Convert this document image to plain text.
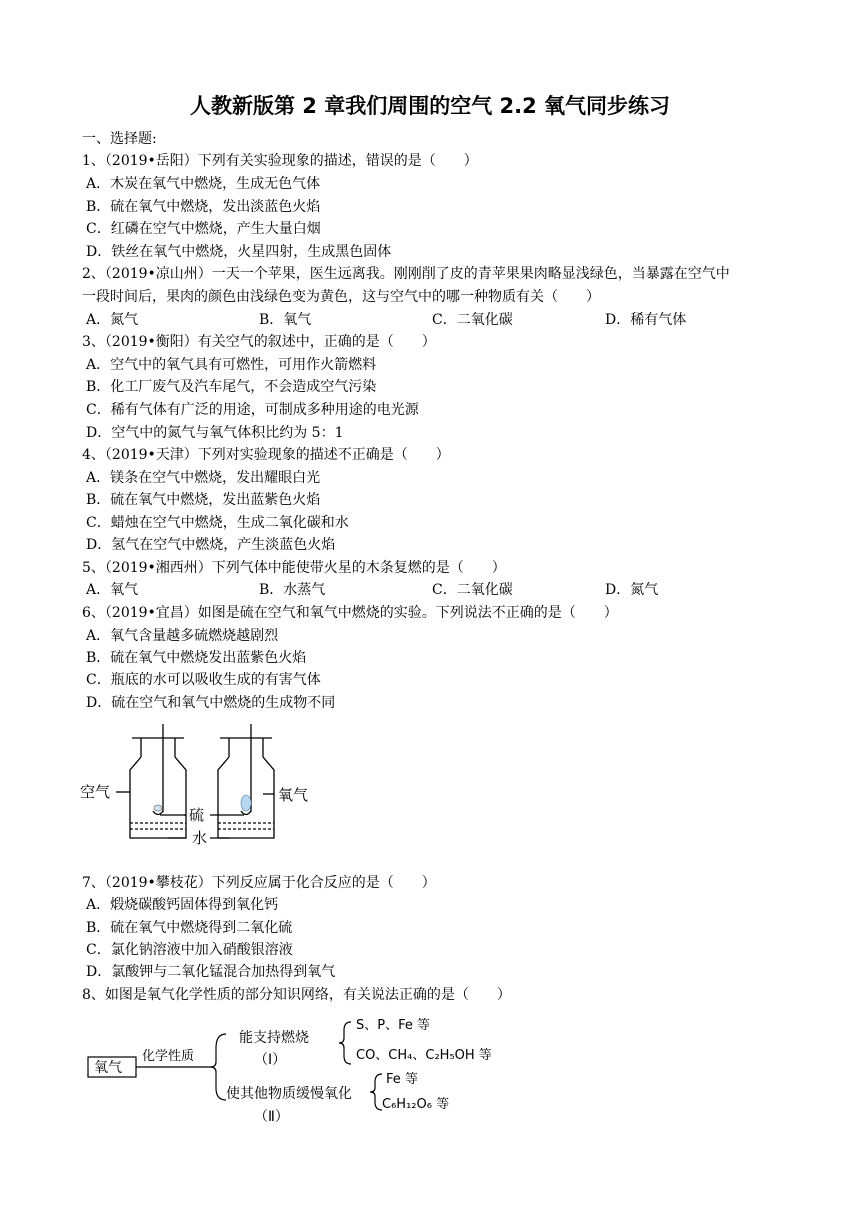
人教新版第 2 章我们周围的空气 2.2 氧气同步练习
一、选择题:
1、（2019•岳阳）下列有关实验现象的描述，错误的是（　　）
A．木炭在氧气中燃烧，生成无色气体
B．硫在氧气中燃烧，发出淡蓝色火焰
C．红磷在空气中燃烧，产生大量白烟
D．铁丝在氧气中燃烧，火星四射，生成黑色固体
2、（2019•凉山州）一天一个苹果，医生远离我。刚刚削了皮的青苹果果肉略显浅绿色，当暴露在空气中
一段时间后，果肉的颜色由浅绿色变为黄色，这与空气中的哪一种物质有关（　　）
A．氮气	B．氧气	C．二氧化碳	D．稀有气体
3、（2019•衡阳）有关空气的叙述中，正确的是（　　）
A．空气中的氧气具有可燃性，可用作火箭燃料
B．化工厂废气及汽车尾气，不会造成空气污染
C．稀有气体有广泛的用途，可制成多种用途的电光源
D．空气中的氮气与氧气体积比约为 5：1
4、（2019•天津）下列对实验现象的描述不正确是（　　）
A．镁条在空气中燃烧，发出耀眼白光
B．硫在氧气中燃烧，发出蓝紫色火焰
C．蜡烛在空气中燃烧，生成二氧化碳和水
D．氢气在空气中燃烧，产生淡蓝色火焰
5、（2019•湘西州）下列气体中能使带火星的木条复燃的是（　　）
A．氧气	B．水蒸气	C．二氧化碳	D．氮气
6、（2019•宜昌）如图是硫在空气和氧气中燃烧的实验。下列说法不正确的是（　　）
A．氧气含量越多硫燃烧越剧烈
B．硫在氧气中燃烧发出蓝紫色火焰
C．瓶底的水可以吸收生成的有害气体
D．硫在空气和氧气中燃烧的生成物不同
空气
硫
氧气
水
7、（2019•攀枝花）下列反应属于化合反应的是（　　）
A．煅烧碳酸钙固体得到氧化钙
B．硫在氧气中燃烧得到二氧化硫
C．氯化钠溶液中加入硝酸银溶液
D．氯酸钾与二氧化锰混合加热得到氧气
8、如图是氧气化学性质的部分知识网络，有关说法正确的是（　　）
氧气
化学性质
能支持燃烧
（Ⅰ）
S、P、Fe 等
CO、CH₄、C₂H₅OH 等
使其他物质缓慢氧化
（Ⅱ）
Fe 等
C₆H₁₂O₆ 等
